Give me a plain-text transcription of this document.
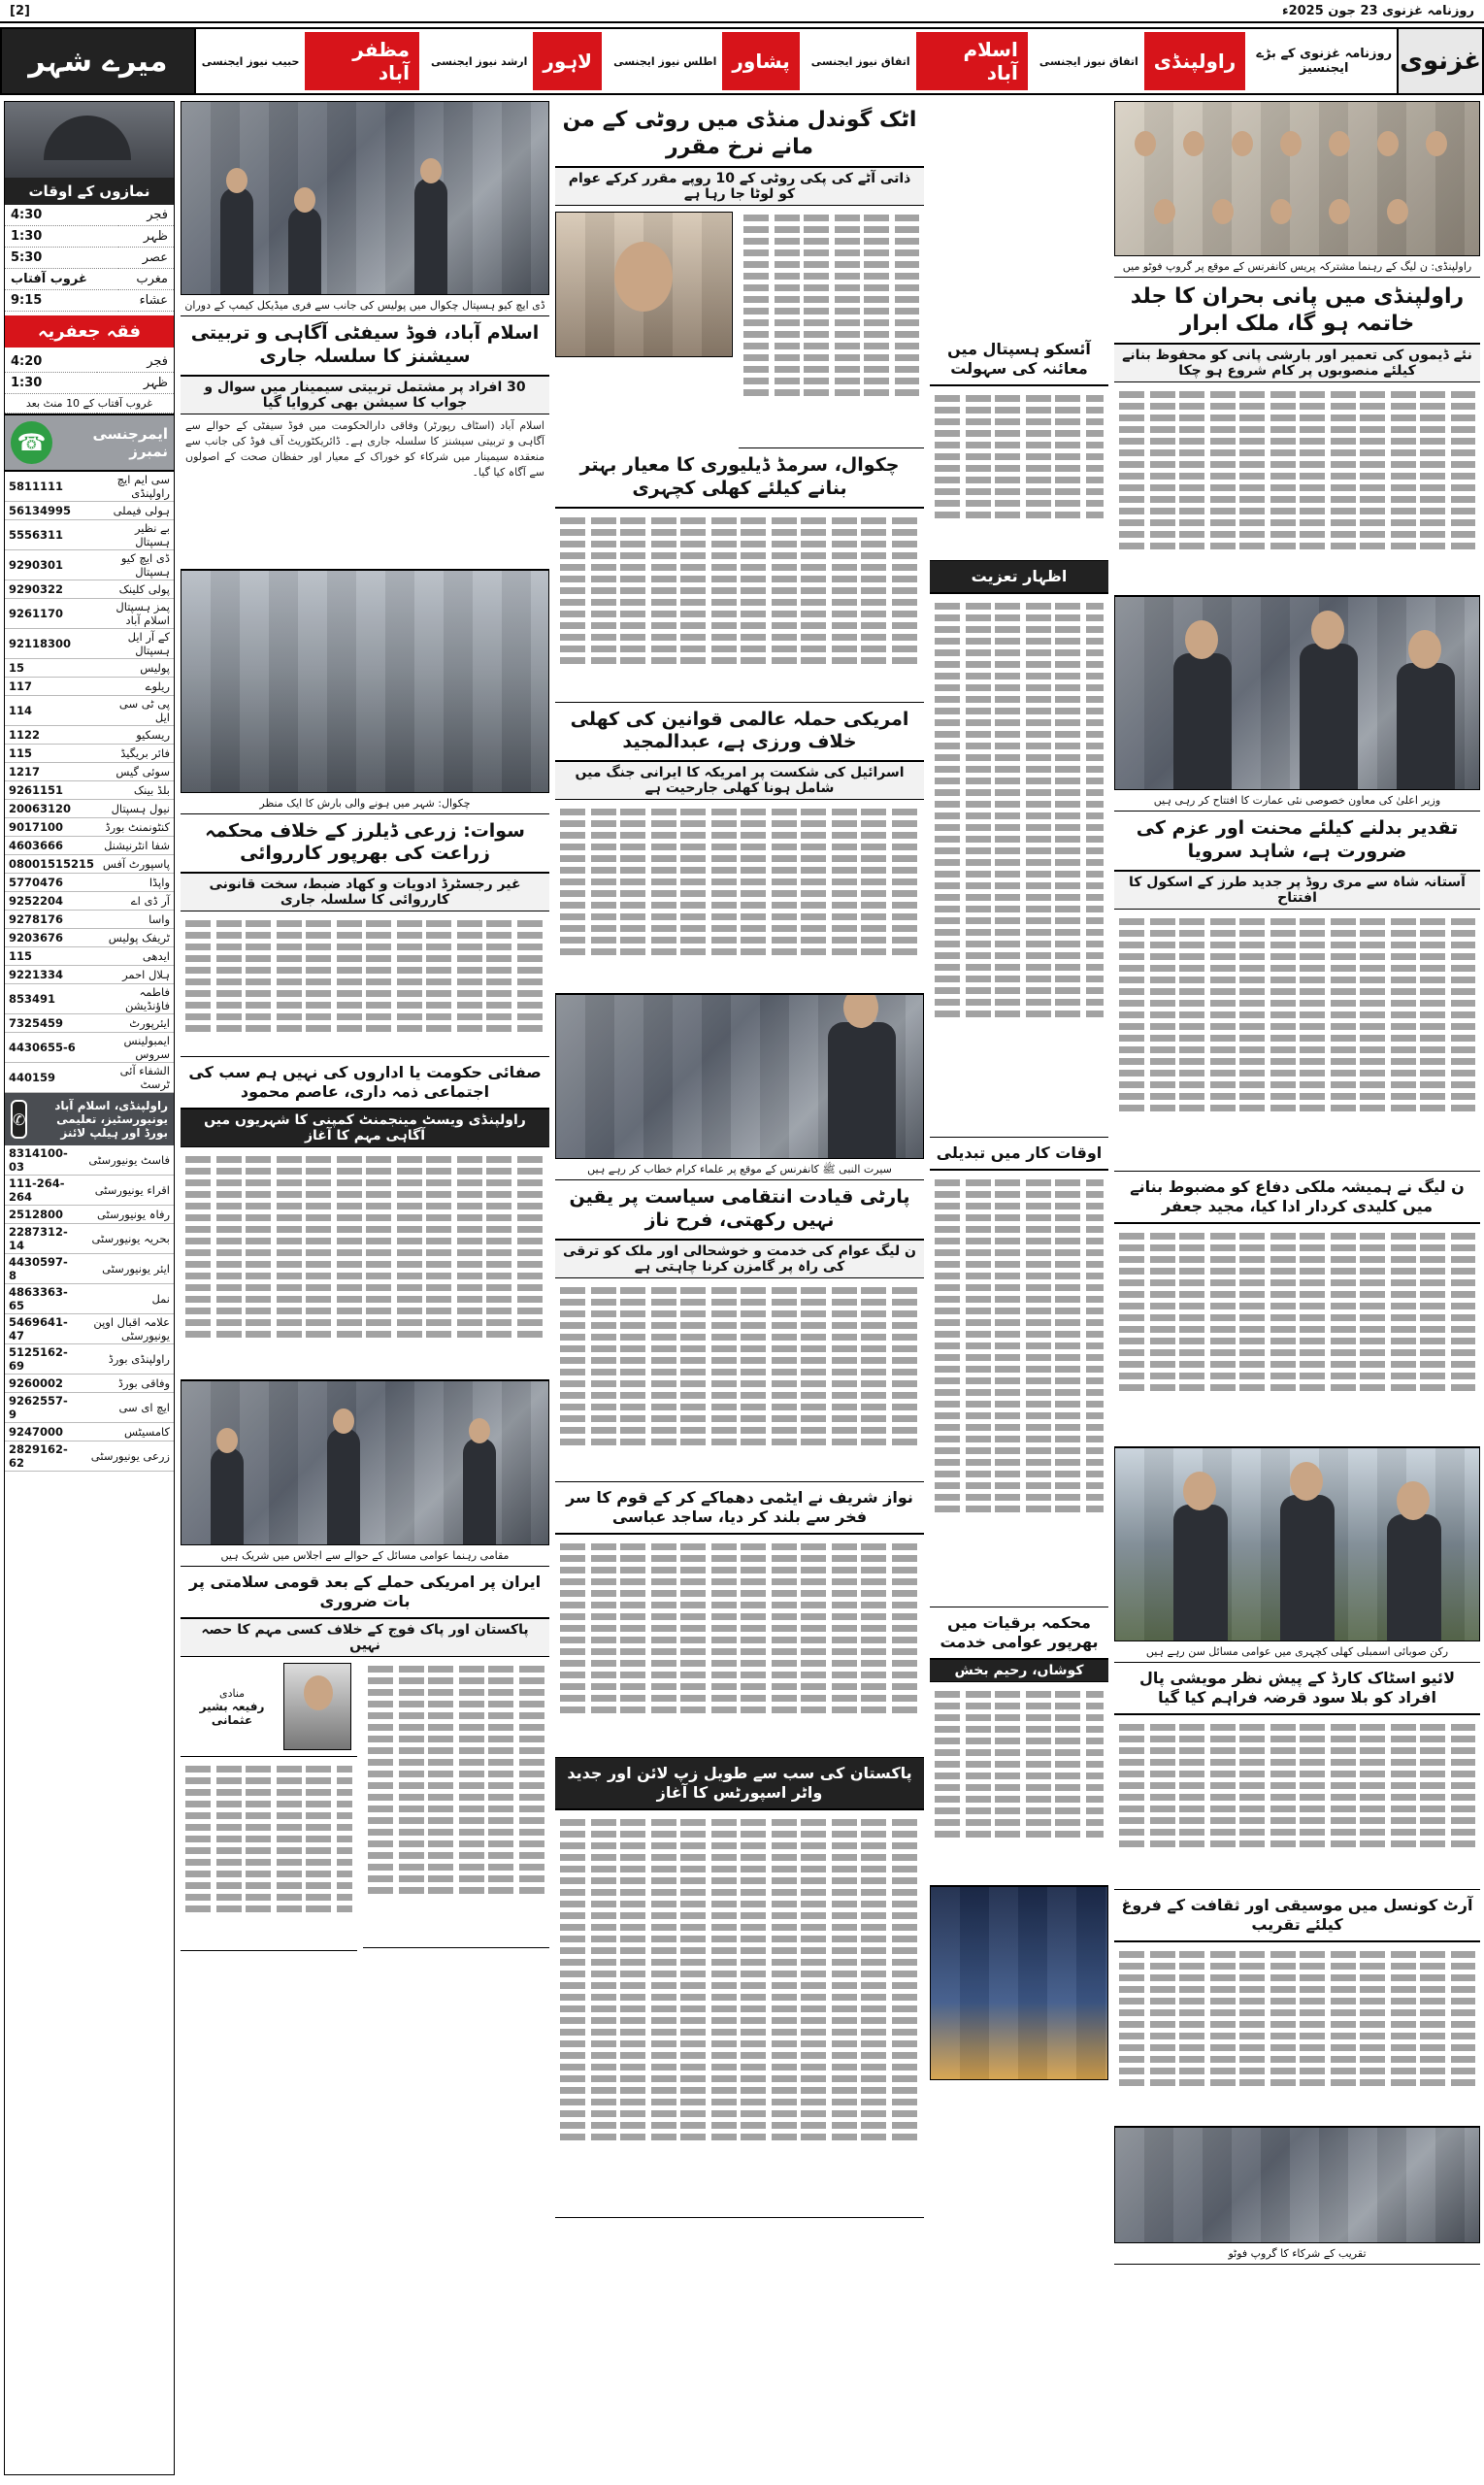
روزنامہ غزنوی 23 جون 2025ء
[2]
غزنوی
روزنامہ غزنوی کے بڑے ایجنسیز
راولپنڈی
اتفاق نیوز ایجنسی
اسلام آباد
اتفاق نیوز ایجنسی
پشاور
اطلس نیوز ایجنسی
لاہور
ارشد نیوز ایجنسی
مظفر آباد
حبیب نیوز ایجنسی
میرے شہر
نمازوں کے اوقات
فجر	4:30
ظہر	1:30
عصر	5:30
مغرب	غروب آفتاب
عشاء	9:15
فقہ جعفریہ
فجر	4:20
ظہر	1:30
غروب آفتاب کے 10 منٹ بعد	
ایمرجنسی نمبرز
☎
سی ایم ایچ راولپنڈی	5811111
ہولی فیملی	56134995
بے نظیر ہسپتال	5556311
ڈی ایچ کیو ہسپتال	9290301
پولی کلینک	9290322
پمز ہسپتال اسلام آباد	9261170
کے آر ایل ہسپتال	92118300
پولیس	15
ریلوے	117
پی ٹی سی ایل	114
ریسکیو	1122
فائر بریگیڈ	115
سوئی گیس	1217
بلڈ بینک	9261151
نیول ہسپتال	20063120
کنٹونمنٹ بورڈ	9017100
شفا انٹرنیشنل	4603666
پاسپورٹ آفس	08001515215
واپڈا	5770476
آر ڈی اے	9252204
واسا	9278176
ٹریفک پولیس	9203676
ایدھی	115
ہلال احمر	9221334
فاطمہ فاؤنڈیشن	853491
ایئرپورٹ	7325459
ایمبولینس سروس	4430655-6
الشفاء آئی ٹرسٹ	440159
راولپنڈی، اسلام آباد یونیورسٹیز، تعلیمی بورڈ اور ہیلپ لائنز
✆
فاسٹ یونیورسٹی	8314100-03
اقراء یونیورسٹی	111-264-264
رفاہ یونیورسٹی	2512800
بحریہ یونیورسٹی	2287312-14
ایئر یونیورسٹی	4430597-8
نمل	4863363-65
علامہ اقبال اوپن یونیورسٹی	5469641-47
راولپنڈی بورڈ	5125162-69
وفاقی بورڈ	9260002
ایچ ای سی	9262557-9
کامسیٹس	9247000
زرعی یونیورسٹی	2829162-62
ڈی ایچ کیو ہسپتال چکوال میں پولیس کی جانب سے فری میڈیکل کیمپ کے دوران
اسلام آباد، فوڈ سیفٹی آگاہی و تربیتی سیشنز کا سلسلہ جاری
30 افراد پر مشتمل تربیتی سیمینار میں سوال و جواب کا سیشن بھی کروایا گیا
اسلام آباد (اسٹاف رپورٹر) وفاقی دارالحکومت میں فوڈ سیفٹی کے حوالے سے آگاہی و تربیتی سیشنز کا سلسلہ جاری ہے۔ ڈائریکٹوریٹ آف فوڈ کی جانب سے منعقدہ سیمینار میں شرکاء کو خوراک کے معیار اور حفظان صحت کے اصولوں سے آگاہ کیا گیا۔
چکوال: شہر میں ہونے والی بارش کا ایک منظر
سوات: زرعی ڈیلرز کے خلاف محکمہ زراعت کی بھرپور کارروائی
غیر رجسٹرڈ ادویات و کھاد ضبط، سخت قانونی کارروائی کا سلسلہ جاری
صفائی حکومت یا اداروں کی نہیں ہم سب کی اجتماعی ذمہ داری، عاصم محمود
راولپنڈی ویسٹ مینجمنٹ کمپنی کا شہریوں میں آگاہی مہم کا آغاز
مقامی رہنما عوامی مسائل کے حوالے سے اجلاس میں شریک ہیں
ایران پر امریکی حملے کے بعد قومی سلامتی پر بات ضروری
پاکستان اور پاک فوج کے خلاف کسی مہم کا حصہ نہیں
منادی
رفیعہ بشیر عثمانی
اٹک گوندل منڈی میں روٹی کے من مانے نرخ مقرر
ذاتی آٹے کی پکی روٹی کے 10 روپے مقرر کرکے عوام کو لوٹا جا رہا ہے
چکوال، سرمڈ ڈیلیوری کا معیار بہتر بنانے کیلئے کھلی کچہری
امریکی حملہ عالمی قوانین کی کھلی خلاف ورزی ہے، عبدالمجید
اسرائیل کی شکست پر امریکہ کا ایرانی جنگ میں شامل ہونا کھلی جارحیت ہے
سیرت النبی ﷺ کانفرنس کے موقع پر علماء کرام خطاب کر رہے ہیں
پارٹی قیادت انتقامی سیاست پر یقین نہیں رکھتی، فرح ناز
ن لیگ عوام کی خدمت و خوشحالی اور ملک کو ترقی کی راہ پر گامزن کرنا چاہتی ہے
نواز شریف نے ایٹمی دھماکے کر کے قوم کا سر فخر سے بلند کر دیا، ساجد عباسی
پاکستان کی سب سے طویل زپ لائن اور جدید واٹر اسپورٹس کا آغاز
آئسکو ہسپتال میں معائنہ کی سہولت
اظہار تعزیت
اوقات کار میں تبدیلی
محکمہ برقیات میں بھرپور عوامی خدمت
کوشاں، رحیم بخش
راولپنڈی: ن لیگ کے رہنما مشترکہ پریس کانفرنس کے موقع پر گروپ فوٹو میں
راولپنڈی میں پانی بحران کا جلد خاتمہ ہو گا، ملک ابرار
نئے ڈیموں کی تعمیر اور بارشی پانی کو محفوظ بنانے کیلئے منصوبوں پر کام شروع ہو چکا
وزیر اعلیٰ کی معاون خصوصی نئی عمارت کا افتتاح کر رہی ہیں
تقدیر بدلنے کیلئے محنت اور عزم کی ضرورت ہے، شاہد سرویا
آستانہ شاہ سے مری روڈ پر جدید طرز کے اسکول کا افتتاح
ن لیگ نے ہمیشہ ملکی دفاع کو مضبوط بنانے میں کلیدی کردار ادا کیا، مجید جعفر
رکن صوبائی اسمبلی کھلی کچہری میں عوامی مسائل سن رہے ہیں
لائیو اسٹاک کارڈ کے پیش نظر مویشی پال افراد کو بلا سود قرضہ فراہم کیا گیا
آرٹ کونسل میں موسیقی اور ثقافت کے فروغ کیلئے تقریب
تقریب کے شرکاء کا گروپ فوٹو
